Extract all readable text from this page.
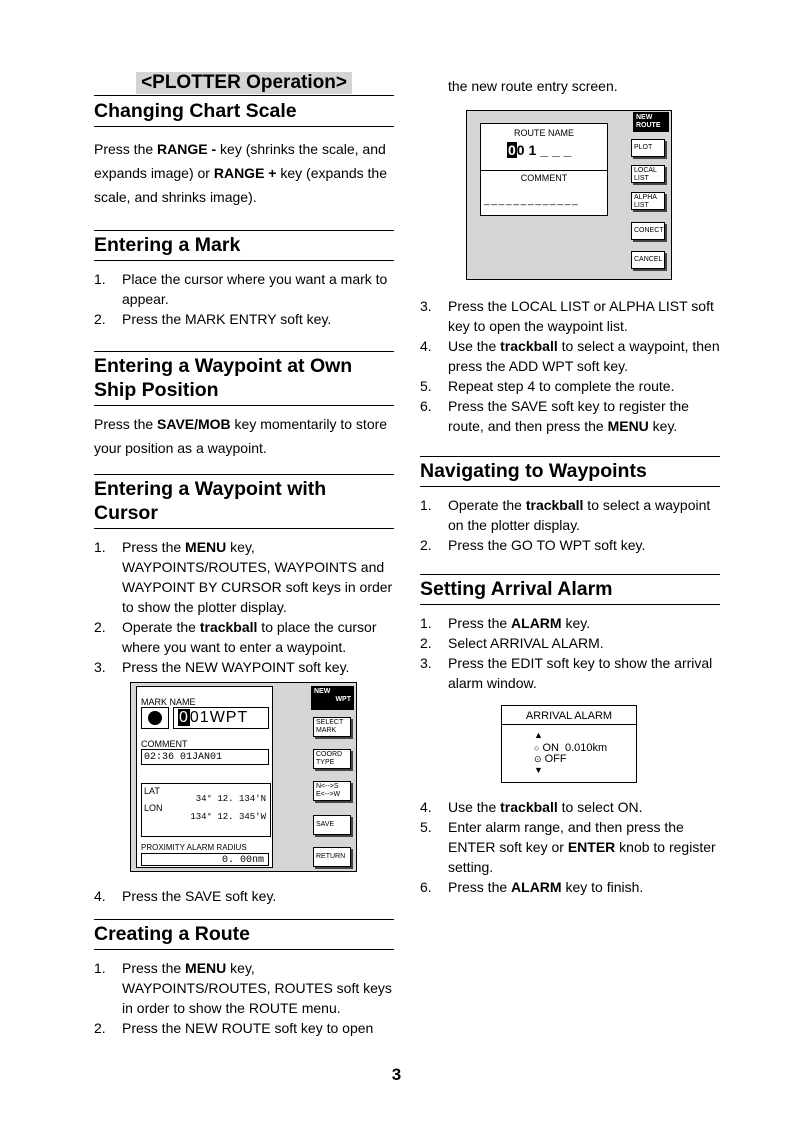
<PLOTTER Operation>
Changing Chart Scale
Press the RANGE - key (shrinks the scale, and expands image) or RANGE + key (expands the scale, and shrinks image).
Entering a Mark
1. Place the cursor where you want a mark to appear.
2. Press the MARK ENTRY soft key.
Entering a Waypoint at Own Ship Position
Press the SAVE/MOB key momentarily to store your position as a waypoint.
Entering a Waypoint with Cursor
1. Press the MENU key, WAYPOINTS/ROUTES, WAYPOINTS and WAYPOINT BY CURSOR soft keys in order to show the plotter display.
2. Operate the trackball to place the cursor where you want to enter a waypoint.
3. Press the NEW WAYPOINT soft key.
MARK NAME
001WPT
COMMENT
02:36 01JAN01
LAT
34° 12. 134'N
LON
134° 12. 345'W
PROXIMITY ALARM RADIUS
0. 00nm
NEW
WPT
SELECT
MARK
COORD
TYPE
N<-->S
E<-->W
SAVE
RETURN
4. Press the SAVE soft key.
Creating a Route
1. Press the MENU key, WAYPOINTS/ROUTES, ROUTES soft keys in order to show the ROUTE menu.
2. Press the NEW ROUTE soft key to open
the new route entry screen.
ROUTE NAME
00 1 _ _ _
COMMENT
_ _ _ _ _ _ _ _ _ _ _ _ _
NEW
ROUTE
PLOT
LOCAL
LIST
ALPHA
LIST
CONECT
CANCEL
3. Press the LOCAL LIST or ALPHA LIST soft key to open the waypoint list.
4. Use the trackball to select a waypoint, then press the ADD WPT soft key.
5. Repeat step 4 to complete the route.
6. Press the SAVE soft key to register the route, and then press the MENU key.
Navigating to Waypoints
1. Operate the trackball to select a waypoint on the plotter display.
2. Press the GO TO WPT soft key.
Setting Arrival Alarm
1. Press the ALARM key.
2. Select ARRIVAL ALARM.
3. Press the EDIT soft key to show the arrival alarm window.
ARRIVAL ALARM
▲
○ ON 0.010km
⊙ OFF
▼
4. Use the trackball to select ON.
5. Enter alarm range, and then press the ENTER soft key or ENTER knob to register setting.
6. Press the ALARM key to finish.
3
